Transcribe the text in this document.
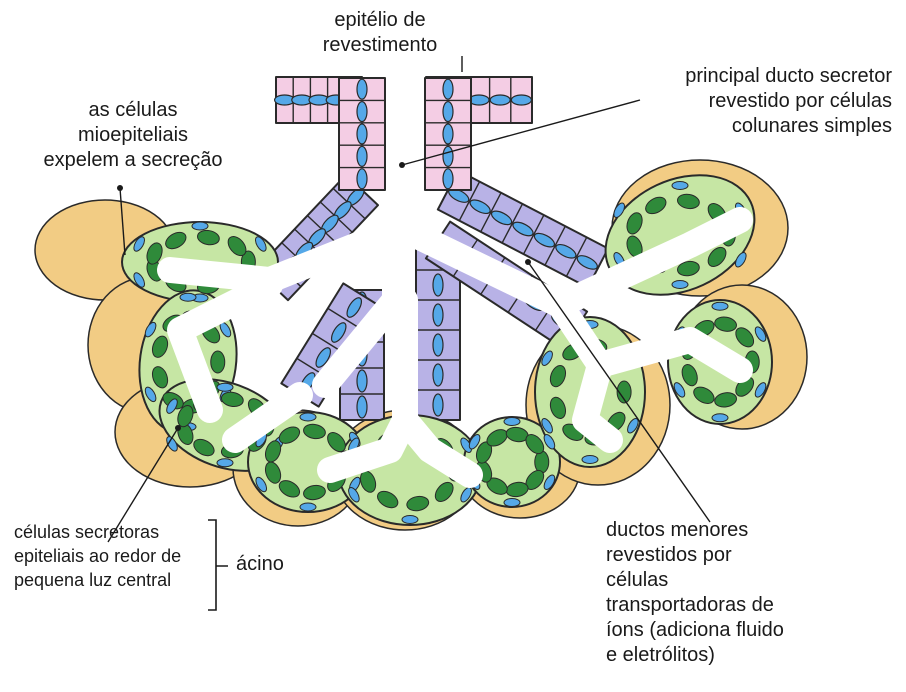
epitélio de
revestimento
principal ducto secretor
revestido por células
colunares simples
as células
mioepiteliais
expelem a secreção
células secretoras
epiteliais ao redor de
pequena luz central
ácino
ductos menores
revestidos por
células
transportadoras de
íons (adiciona fluido
e eletrólitos)
